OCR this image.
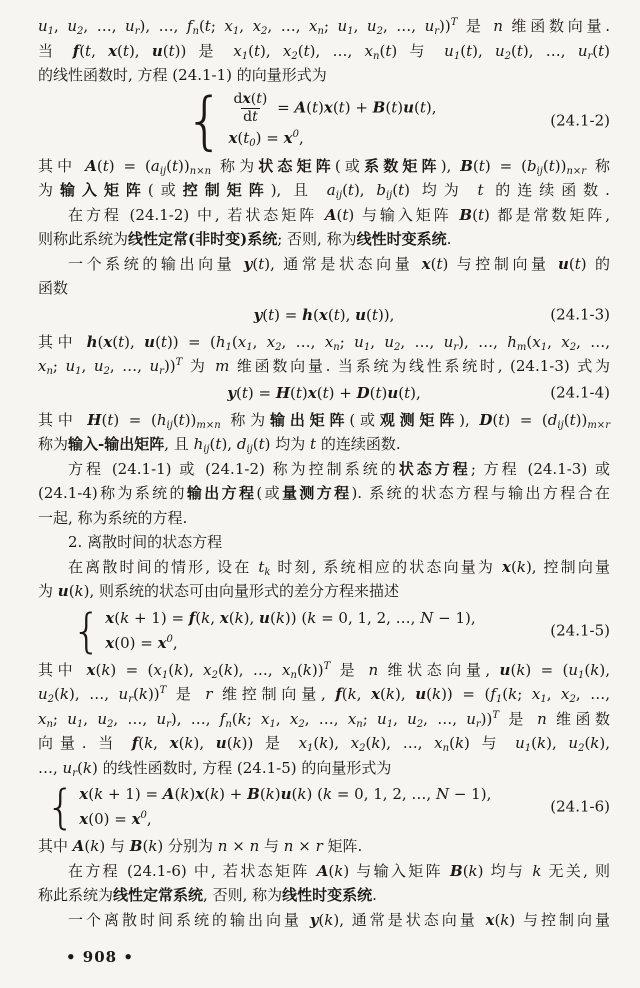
$u_1$, $u_2$, …, $u_r$), …, $f_n(t$; $x_1$, $x_2$, …, $x_n$; $u_1$, $u_2$, …, $u_r))^T$ 是 n 维函数向量.
当 f(t, x(t), u(t)) 是 $x_1(t)$, $x_2(t)$, …, $x_n(t)$ 与 $u_1(t)$, $u_2(t)$, …, $u_r(t)$
的线性函数时, 方程 (24.1-1) 的向量形式为
{ $\frac{dx(t)}{dt} = A(t)x(t) + B(t)u(t)$,
$x(t_0) = x^0$,
(24.1-2)
其中 $A(t) = (a_{ij}(t))_{n\times n}$ 称为状态矩阵(或系数矩阵), $B(t) = (b_{ij}(t))_{n\times r}$ 称
为输入矩阵(或控制矩阵), 且 $a_{ij}(t)$, $b_{ij}(t)$ 均为 t 的连续函数.
在方程 (24.1-2) 中, 若状态矩阵 A(t) 与输入矩阵 B(t) 都是常数矩阵,
则称此系统为线性定常(非时变)系统; 否则, 称为线性时变系统.
一个系统的输出向量 y(t), 通常是状态向量 x(t) 与控制向量 u(t) 的
函数
y(t) = h(x(t), u(t)),	(24.1-3)
其中 h(x(t), $u(t)) = (h_1(x_1$, $x_2$, …, $x_n$; $u_1$, $u_2$, …, $u_r$), …, $h_m(x_1$, $x_2$, …,
$x_n$; $u_1$, $u_2$, …, $u_r))^T$ 为 m 维函数向量. 当系统为线性系统时, (24.1-3) 式为
y(t) = H(t)x(t) + D(t)u(t),	(24.1-4)
其中 $H(t) = (h_{ij}(t))_{m\times n}$ 称为输出矩阵(或观测矩阵), $D(t) = (d_{ij}(t))_{m\times r}$
称为输入-输出矩阵, 且 $h_{ij}(t)$, $d_{ij}(t)$ 均为 t 的连续函数.
方程 (24.1-1) 或 (24.1-2) 称为控制系统的状态方程; 方程 (24.1-3) 或
(24.1-4)称为系统的输出方程(或量测方程). 系统的状态方程与输出方程合在
一起, 称为系统的方程.
2. 离散时间的状态方程
在离散时间的情形, 设在 $t_k$ 时刻, 系统相应的状态向量为 x(k), 控制向量
为 u(k), 则系统的状态可由向量形式的差分方程来描述
{ x(k + 1) = f(k, x(k), u(k)) (k = 0, 1, 2, …, N − 1),
$x(0) = x^0$,
(24.1-5)
其中 $x(k) = (x_1(k)$, $x_2(k)$, …, $x_n(k))^T$ 是 n 维状态向量, $u(k) = (u_1(k)$,
$u_2(k)$, …, $u_r(k))^T$ 是 r 维控制向量, f(k, x(k), $u(k)) = (f_1(k$; $x_1$, $x_2$, …,
$x_n$; $u_1$, $u_2$, …, $u_r$), …, $f_n(k$; $x_1$, $x_2$, …, $x_n$; $u_1$, $u_2$, …, $u_r))^T$ 是 n 维函数
向量. 当 f(k, x(k), u(k)) 是 $x_1(k)$, $x_2(k)$, …, $x_n(k)$ 与 $u_1(k)$, $u_2(k)$,
…, $u_r(k)$ 的线性函数时, 方程 (24.1-5) 的向量形式为
{ x(k + 1) = A(k)x(k) + B(k)u(k) (k = 0, 1, 2, …, N − 1),
$x(0) = x^0$,
(24.1-6)
其中 A(k) 与 B(k) 分别为 n × n 与 n × r 矩阵.
在方程 (24.1-6) 中, 若状态矩阵 A(k) 与输入矩阵 B(k) 均与 k 无关, 则
称此系统为线性定常系统, 否则, 称为线性时变系统.
一个离散时间系统的输出向量 y(k), 通常是状态向量 x(k) 与控制向量
• 908 •
